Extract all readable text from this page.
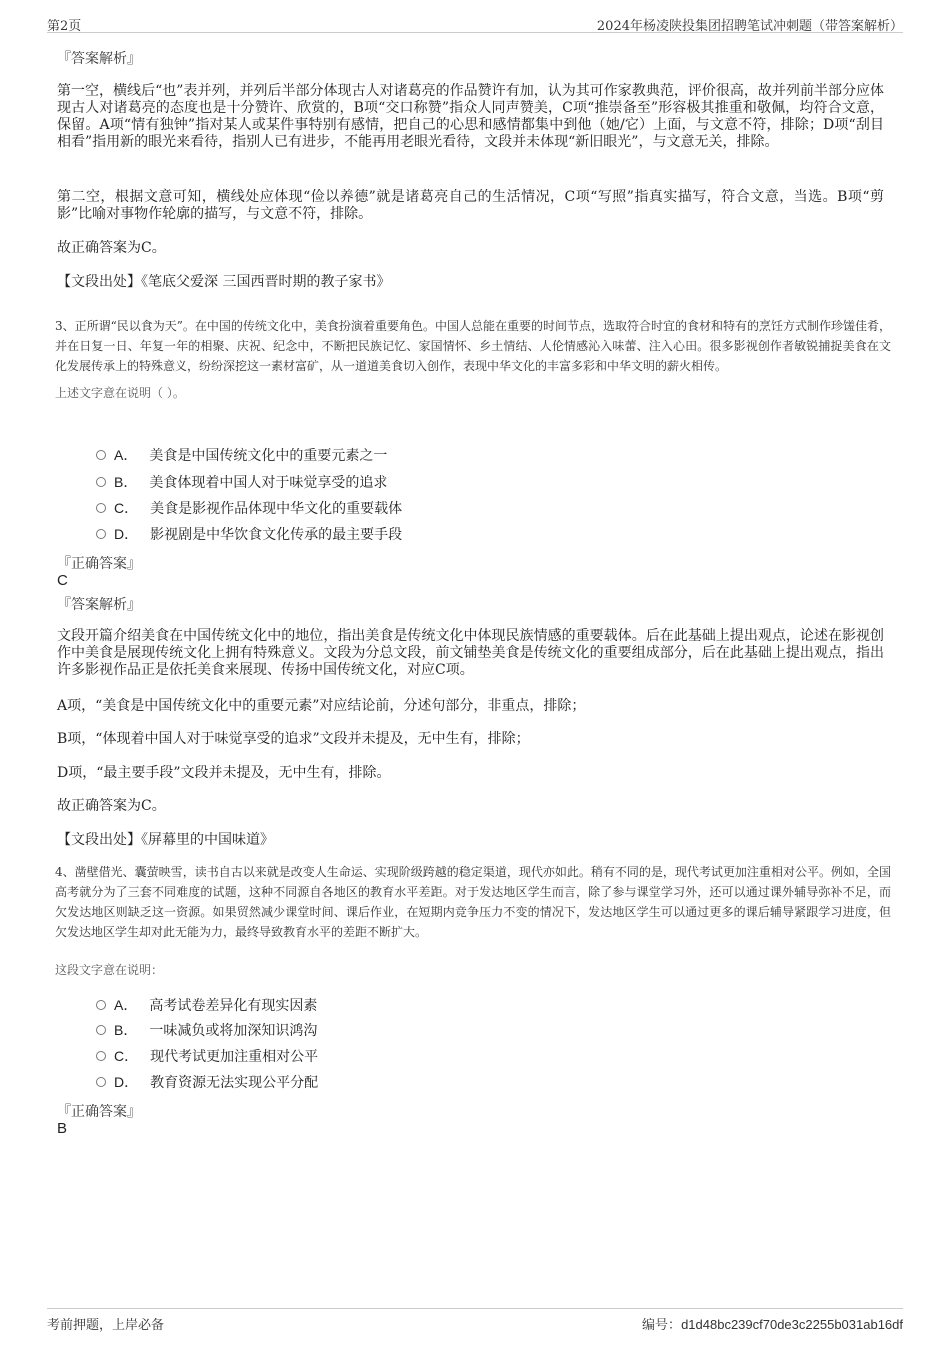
第2页	2024年杨凌陕投集团招聘笔试冲刺题（带答案解析）
『答案解析』

第一空，横线后“也”表并列，并列后半部分体现古人对诸葛亮的作品赞许有加，认为其可作家教典范，评价很高，故并列前半部分应体现古人对诸葛亮的态度也是十分赞许、欣赏的，B项“交口称赞”指众人同声赞美，C项“推崇备至”形容极其推重和敬佩，均符合文意，保留。A项“情有独钟”指对某人或某件事特别有感情，把自己的心思和感情都集中到他（她/它）上面，与文意不符，排除；D项“刮目相看”指用新的眼光来看待，指别人已有进步，不能再用老眼光看待，文段并未体现“新旧眼光”，与文意无关，排除。

第二空，根据文意可知，横线处应体现“俭以养德”就是诸葛亮自己的生活情况，C项“写照”指真实描写，符合文意，当选。B项“剪影”比喻对事物作轮廓的描写，与文意不符，排除。

故正确答案为C。

【文段出处】《笔底父爱深 三国西晋时期的教子家书》

3、正所谓“民以食为天”。在中国的传统文化中，美食扮演着重要角色。中国人总能在重要的时间节点，选取符合时宜的食材和特有的烹饪方式制作珍馐佳肴，并在日复一日、年复一年的相聚、庆祝、纪念中，不断把民族记忆、家国情怀、乡土情结、人伦情感沁入味蕾、注入心田。很多影视创作者敏锐捕捉美食在文化发展传承上的特殊意义，纷纷深挖这一素材富矿，从一道道美食切入创作，表现中华文化的丰富多彩和中华文明的薪火相传。

上述文字意在说明（ ）。

A． 美食是中国传统文化中的重要元素之一
B． 美食体现着中国人对于味觉享受的追求
C． 美食是影视作品体现中华文化的重要载体
D． 影视剧是中华饮食文化传承的最主要手段
『正确答案』
C
『答案解析』

文段开篇介绍美食在中国传统文化中的地位，指出美食是传统文化中体现民族情感的重要载体。后在此基础上提出观点，论述在影视创作中美食是展现传统文化上拥有特殊意义。文段为分总文段，前文铺垫美食是传统文化的重要组成部分，后在此基础上提出观点，指出许多影视作品正是依托美食来展现、传扬中国传统文化，对应C项。

A项，“美食是中国传统文化中的重要元素”对应结论前，分述句部分，非重点，排除；

B项，“体现着中国人对于味觉享受的追求”文段并未提及，无中生有，排除；

D项，“最主要手段”文段并未提及，无中生有，排除。

故正确答案为C。

【文段出处】《屏幕里的中国味道》

4、凿壁借光、囊萤映雪，读书自古以来就是改变人生命运、实现阶级跨越的稳定渠道，现代亦如此。稍有不同的是，现代考试更加注重相对公平。例如，全国高考就分为了三套不同难度的试题，这种不同源自各地区的教育水平差距。对于发达地区学生而言，除了参与课堂学习外，还可以通过课外辅导弥补不足，而欠发达地区则缺乏这一资源。如果贸然减少课堂时间、课后作业，在短期内竞争压力不变的情况下，发达地区学生可以通过更多的课后辅导紧跟学习进度，但欠发达地区学生却对此无能为力，最终导致教育水平的差距不断扩大。

这段文字意在说明：

A． 高考试卷差异化有现实因素
B． 一味减负或将加深知识鸿沟
C． 现代考试更加注重相对公平
D． 教育资源无法实现公平分配
『正确答案』
B
考前押题，上岸必备	编号：d1d48bc239cf70de3c2255b031ab16df
